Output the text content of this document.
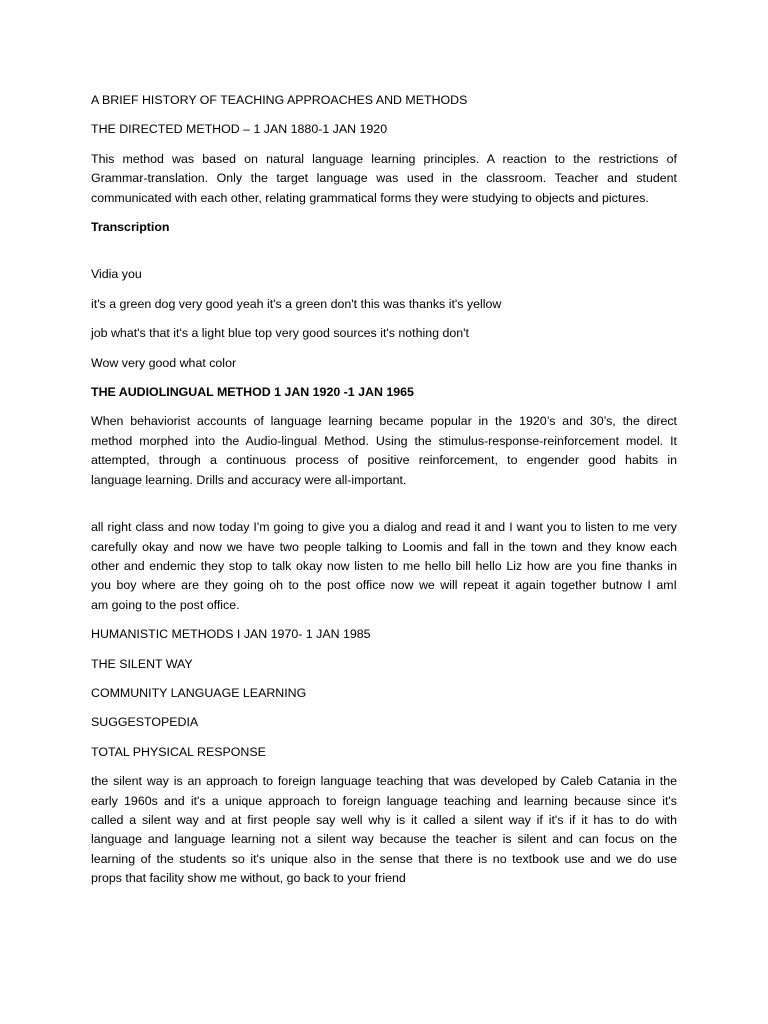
A BRIEF HISTORY OF TEACHING APPROACHES AND METHODS

THE DIRECTED METHOD – 1 JAN 1880-1 JAN 1920

This method was based on natural language learning principles. A reaction to the restrictions of
Grammar-translation. Only the target language was used in the classroom. Teacher and student
communicated with each other, relating grammatical forms they were studying to objects and pictures.

Transcription

Vidia you

it's a green dog very good yeah it's a green don't this was thanks it's yellow

job what's that it's a light blue top very good sources it's nothing don't

Wow very good what color

THE AUDIOLINGUAL METHOD 1 JAN 1920 -1 JAN 1965

When behaviorist accounts of language learning became popular in the 1920’s and 30’s, the direct
method morphed into the Audio-lingual Method. Using the stimulus-response-reinforcement model. It
attempted, through a continuous process of positive reinforcement, to engender good habits in
language learning. Drills and accuracy were all-important.
all right class and now today I'm going to give you a dialog and read it and I want you to listen to me very
carefully okay and now we have two people talking to Loomis and fall in the town and they know each
other and endemic they stop to talk okay now listen to me hello bill hello Liz how are you fine thanks in
you boy where are they going oh to the post office now we will repeat it again together butnow I amI
am going to the post office.

HUMANISTIC METHODS I JAN 1970- 1 JAN 1985

THE SILENT WAY

COMMUNITY LANGUAGE LEARNING

SUGGESTOPEDIA

TOTAL PHYSICAL RESPONSE

the silent way is an approach to foreign language teaching that was developed by Caleb Catania in the
early 1960s and it's a unique approach to foreign language teaching and learning because since it's
called a silent way and at first people say well why is it called a silent way if it's if it has to do with
language and language learning not a silent way because the teacher is silent and can focus on the
learning of the students so it's unique also in the sense that there is no textbook use and we do use
props that facility show me without, go back to your friend
